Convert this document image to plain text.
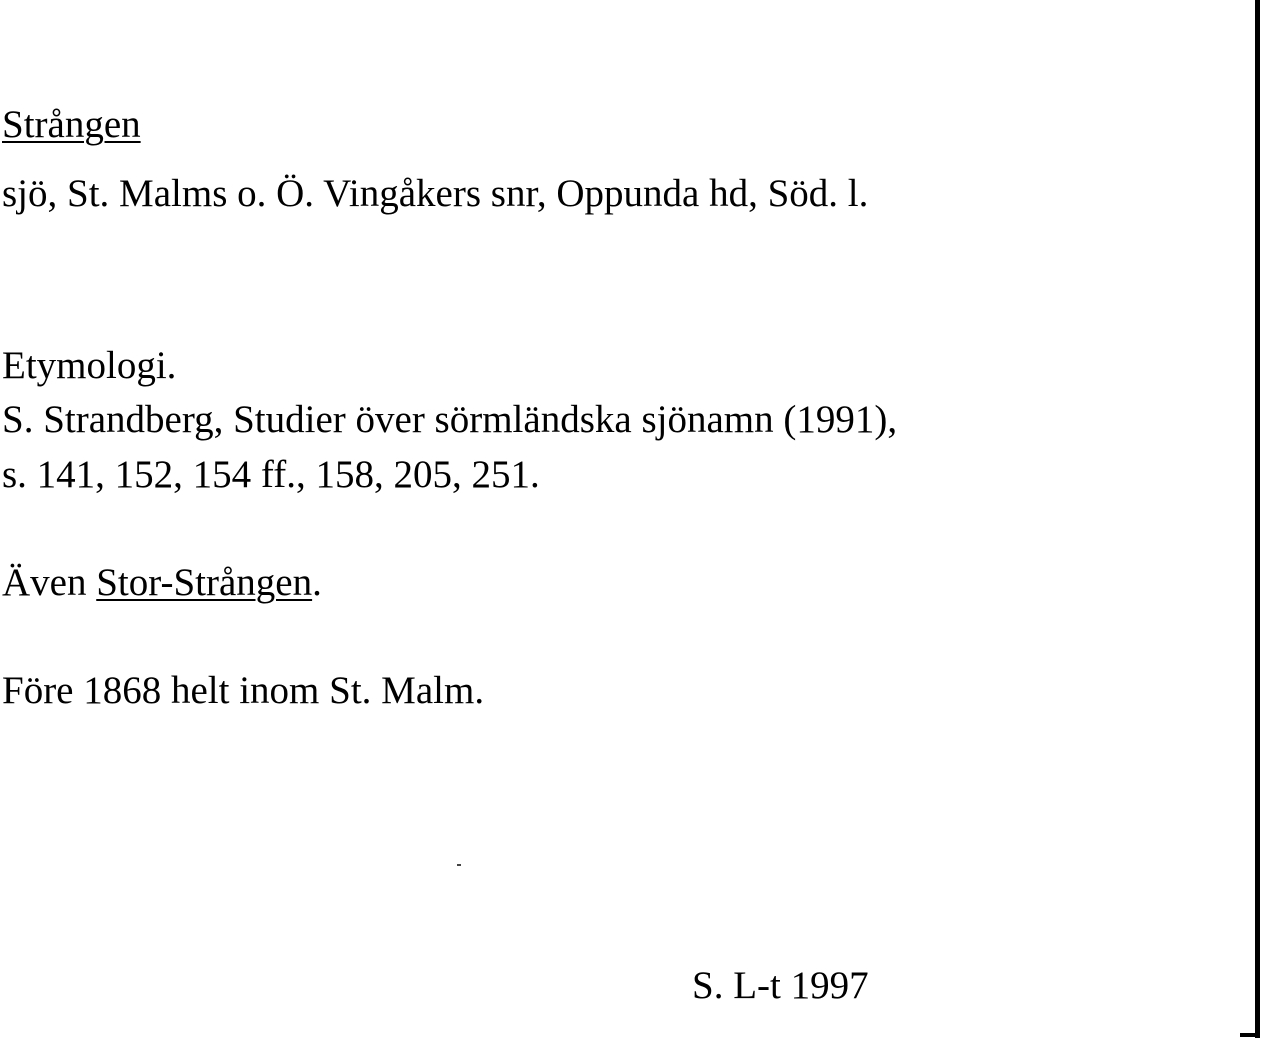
Strången
sjö, St. Malms o. Ö. Vingåkers snr, Oppunda hd, Söd. l.
Etymologi.
S. Strandberg, Studier över sörmländska sjönamn (1991),
s. 141, 152, 154 ff., 158, 205, 251.
Även Stor-Strången.
Före 1868 helt inom St. Malm.
S. L-t 1997
